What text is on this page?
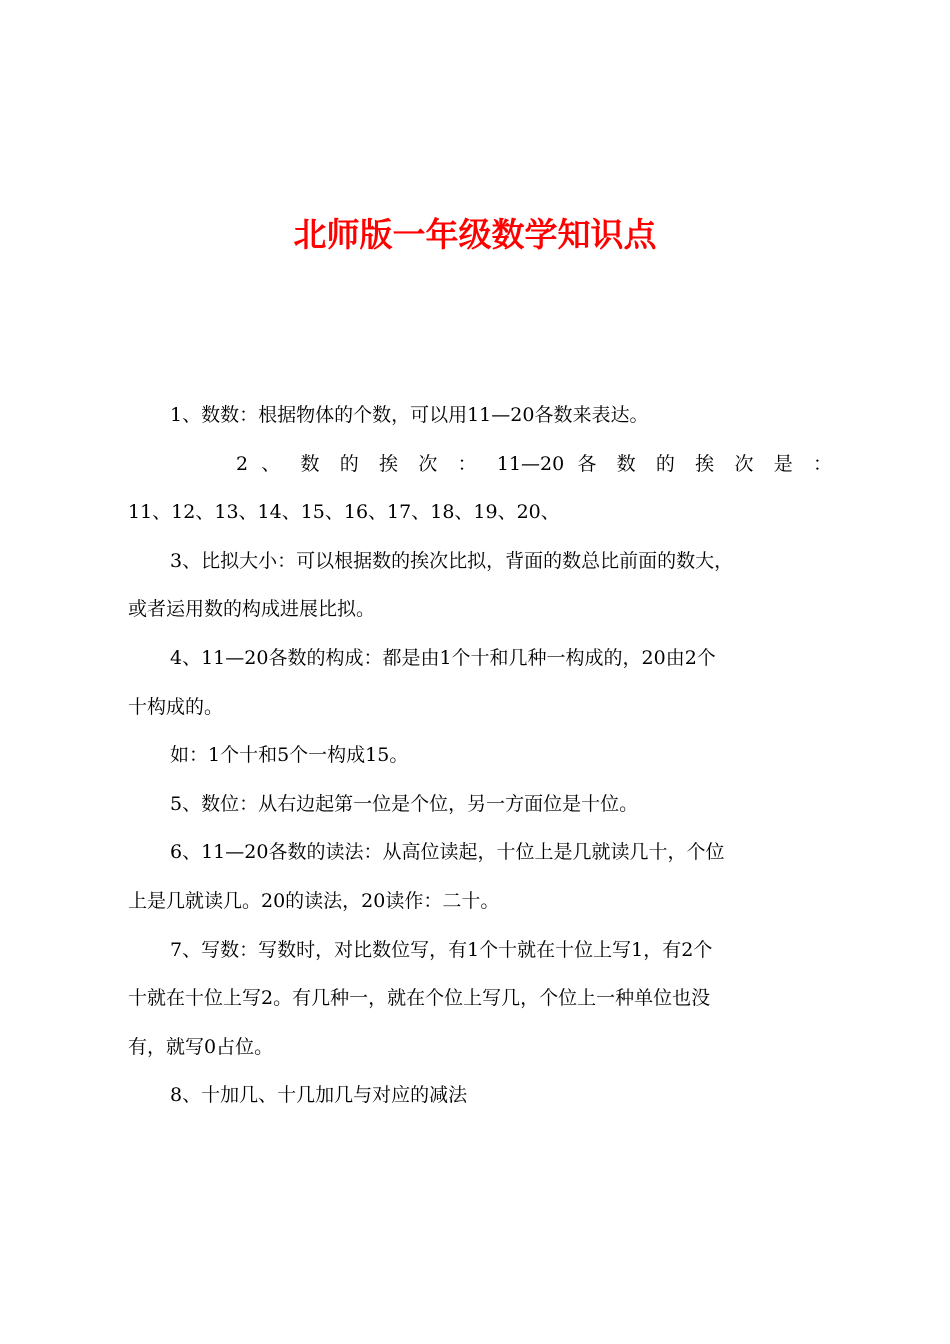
北师版一年级数学知识点

1、数数：根据物体的个数，可以用11—20各数来表达。

2 、 数 的 挨 次 ： 11—20 各 数 的 挨 次 是 ：

11、12、13、14、15、16、17、18、19、20、

3、比拟大小：可以根据数的挨次比拟，背面的数总比前面的数大，

或者运用数的构成进展比拟。

4、11—20各数的构成：都是由1个十和几种一构成的，20由2个

十构成的。

如：1个十和5个一构成15。

5、数位：从右边起第一位是个位，另一方面位是十位。

6、11—20各数的读法：从高位读起，十位上是几就读几十，个位

上是几就读几。20的读法，20读作：二十。

7、写数：写数时，对比数位写，有1个十就在十位上写1，有2个

十就在十位上写2。有几种一，就在个位上写几，个位上一种单位也没

有，就写0占位。

8、十加几、十几加几与对应的减法
